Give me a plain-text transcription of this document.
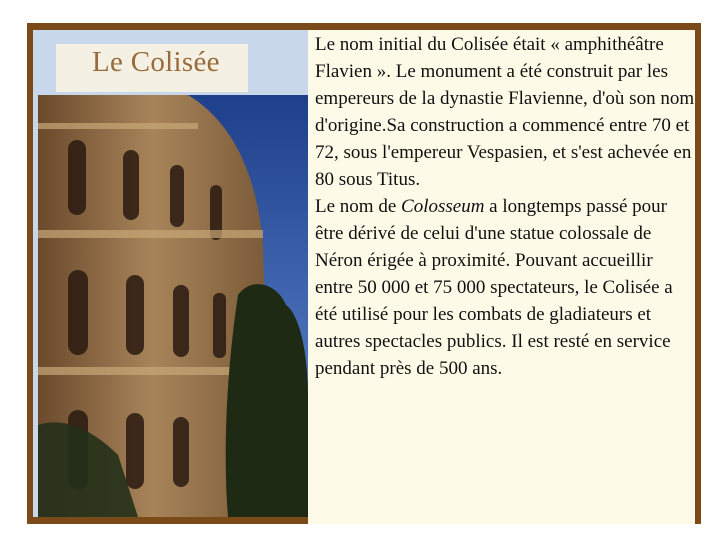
Le Colisée

Le nom initial du Colisée était « amphithéâtre Flavien ». Le monument a été construit par les empereurs de la dynastie Flavienne, d'où son nom d'origine.Sa construction a commencé entre 70 et 72, sous l'empereur Vespasien, et s'est achevée en 80 sous Titus.

Le nom de Colosseum a longtemps passé pour être dérivé de celui d'une statue colossale de Néron érigée à proximité. Pouvant accueillir entre 50 000 et 75 000 spectateurs, le Colisée a été utilisé pour les combats de gladiateurs et autres spectacles publics. Il est resté en service pendant près de 500 ans.
